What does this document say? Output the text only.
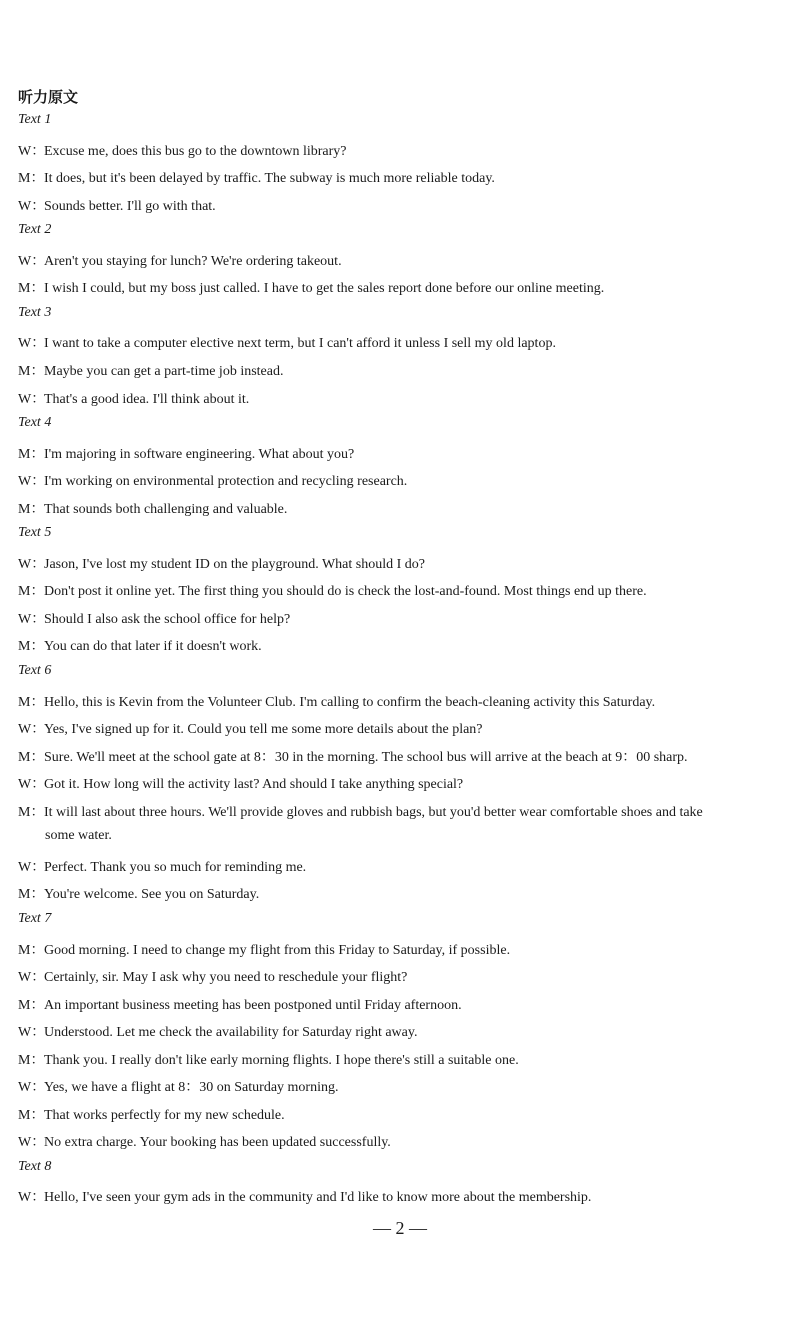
听力原文
Text 1
W：Excuse me, does this bus go to the downtown library?
M：It does, but it's been delayed by traffic. The subway is much more reliable today.
W：Sounds better. I'll go with that.
Text 2
W：Aren't you staying for lunch? We're ordering takeout.
M：I wish I could, but my boss just called. I have to get the sales report done before our online meeting.
Text 3
W：I want to take a computer elective next term, but I can't afford it unless I sell my old laptop.
M：Maybe you can get a part-time job instead.
W：That's a good idea. I'll think about it.
Text 4
M：I'm majoring in software engineering. What about you?
W：I'm working on environmental protection and recycling research.
M：That sounds both challenging and valuable.
Text 5
W：Jason, I've lost my student ID on the playground. What should I do?
M：Don't post it online yet. The first thing you should do is check the lost-and-found. Most things end up there.
W：Should I also ask the school office for help?
M：You can do that later if it doesn't work.
Text 6
M：Hello, this is Kevin from the Volunteer Club. I'm calling to confirm the beach-cleaning activity this Saturday.
W：Yes, I've signed up for it. Could you tell me some more details about the plan?
M：Sure. We'll meet at the school gate at 8：30 in the morning. The school bus will arrive at the beach at 9：00 sharp.
W：Got it. How long will the activity last? And should I take anything special?
M：It will last about three hours. We'll provide gloves and rubbish bags, but you'd better wear comfortable shoes and take
some water.
W：Perfect. Thank you so much for reminding me.
M：You're welcome. See you on Saturday.
Text 7
M：Good morning. I need to change my flight from this Friday to Saturday, if possible.
W：Certainly, sir. May I ask why you need to reschedule your flight?
M：An important business meeting has been postponed until Friday afternoon.
W：Understood. Let me check the availability for Saturday right away.
M：Thank you. I really don't like early morning flights. I hope there's still a suitable one.
W：Yes, we have a flight at 8：30 on Saturday morning.
M：That works perfectly for my new schedule.
W：No extra charge. Your booking has been updated successfully.
Text 8
W：Hello, I've seen your gym ads in the community and I'd like to know more about the membership.
— 2 —
